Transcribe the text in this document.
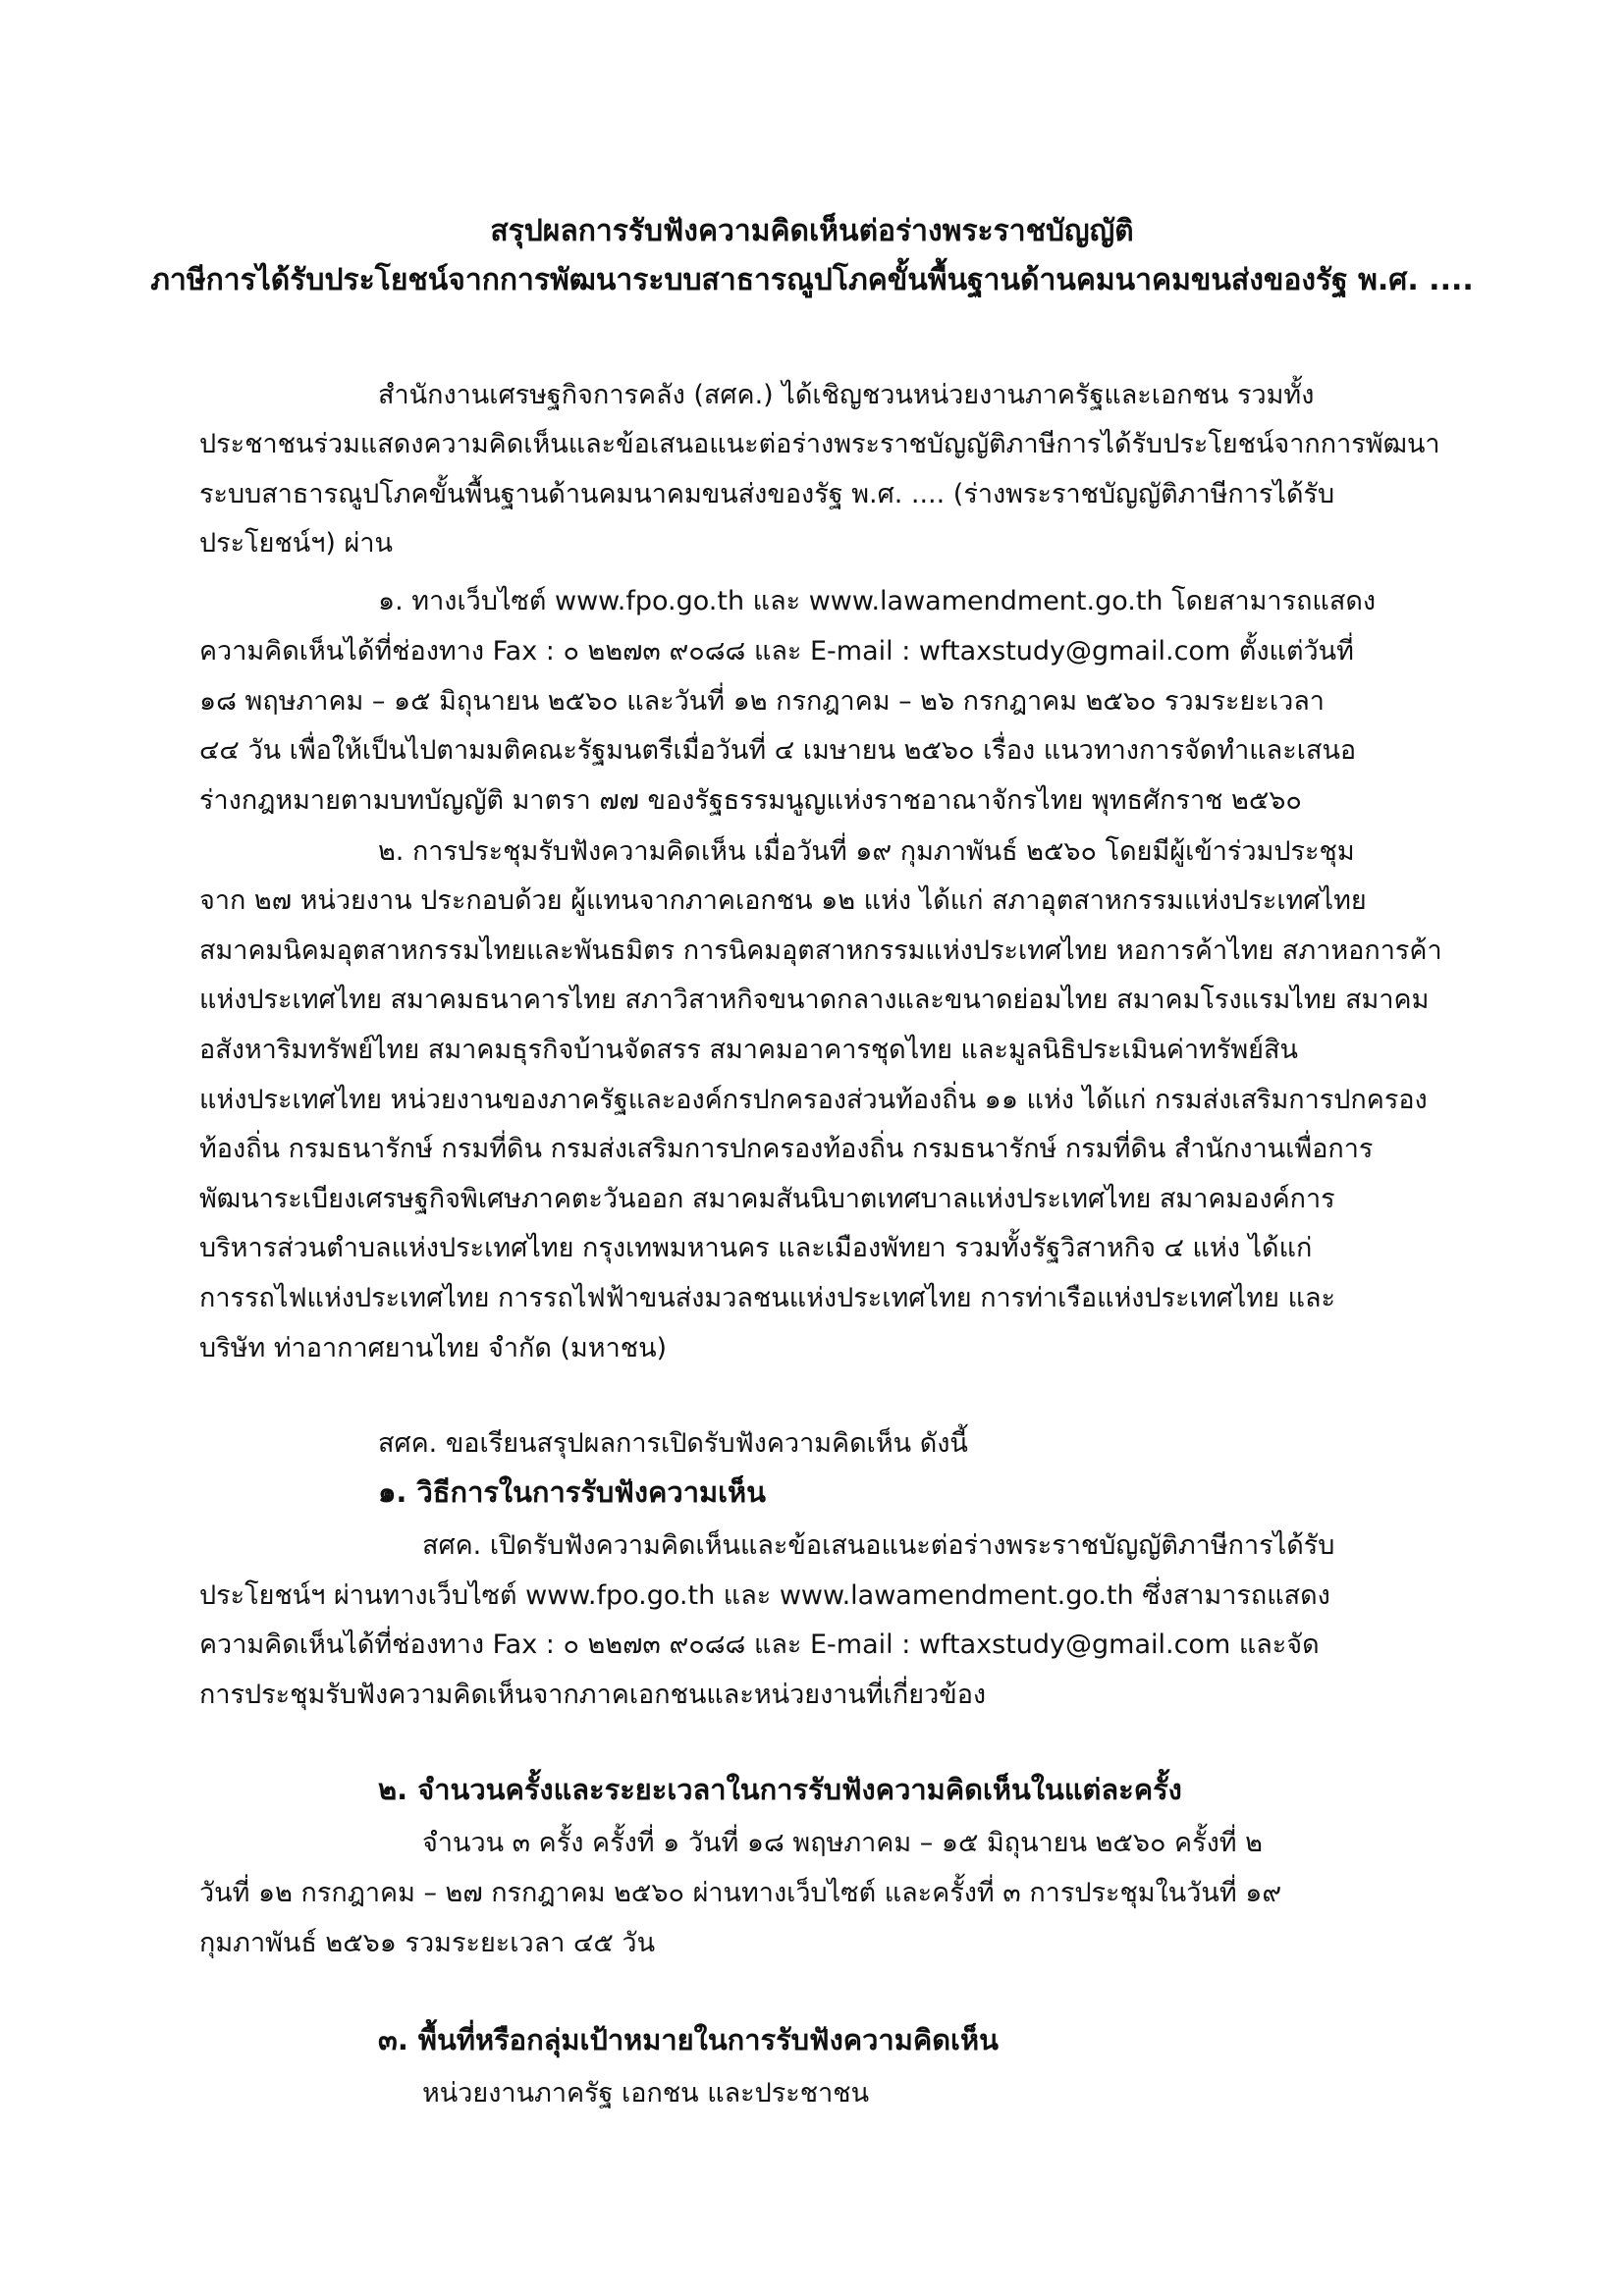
สรุปผลการรับฟังความคิดเห็นต่อร่างพระราชบัญญัติ
ภาษีการได้รับประโยชน์จากการพัฒนาระบบสาธารณูปโภคขั้นพื้นฐานด้านคมนาคมขนส่งของรัฐ พ.ศ. ....
สำนักงานเศรษฐกิจการคลัง (สศค.) ได้เชิญชวนหน่วยงานภาครัฐและเอกชน รวมทั้ง
ประชาชนร่วมแสดงความคิดเห็นและข้อเสนอแนะต่อร่างพระราชบัญญัติภาษีการได้รับประโยชน์จากการพัฒนา
ระบบสาธารณูปโภคขั้นพื้นฐานด้านคมนาคมขนส่งของรัฐ พ.ศ. .... (ร่างพระราชบัญญัติภาษีการได้รับ
ประโยชน์ฯ) ผ่าน
๑. ทางเว็บไซต์ www.fpo.go.th และ www.lawamendment.go.th โดยสามารถแสดง
ความคิดเห็นได้ที่ช่องทาง Fax : ๐ ๒๒๗๓ ๙๐๘๘ และ E-mail : wftaxstudy@gmail.com ตั้งแต่วันที่
๑๘ พฤษภาคม – ๑๕ มิถุนายน ๒๕๖๐ และวันที่ ๑๒ กรกฎาคม – ๒๖ กรกฎาคม ๒๕๖๐ รวมระยะเวลา
๔๔ วัน เพื่อให้เป็นไปตามมติคณะรัฐมนตรีเมื่อวันที่ ๔ เมษายน ๒๕๖๐ เรื่อง แนวทางการจัดทำและเสนอ
ร่างกฎหมายตามบทบัญญัติ มาตรา ๗๗ ของรัฐธรรมนูญแห่งราชอาณาจักรไทย พุทธศักราช ๒๕๖๐
๒. การประชุมรับฟังความคิดเห็น เมื่อวันที่ ๑๙ กุมภาพันธ์ ๒๕๖๐ โดยมีผู้เข้าร่วมประชุม
จาก ๒๗ หน่วยงาน ประกอบด้วย ผู้แทนจากภาคเอกชน ๑๒ แห่ง ได้แก่ สภาอุตสาหกรรมแห่งประเทศไทย
สมาคมนิคมอุตสาหกรรมไทยและพันธมิตร การนิคมอุตสาหกรรมแห่งประเทศไทย หอการค้าไทย สภาหอการค้า
แห่งประเทศไทย สมาคมธนาคารไทย สภาวิสาหกิจขนาดกลางและขนาดย่อมไทย สมาคมโรงแรมไทย สมาคม
อสังหาริมทรัพย์ไทย สมาคมธุรกิจบ้านจัดสรร สมาคมอาคารชุดไทย และมูลนิธิประเมินค่าทรัพย์สิน
แห่งประเทศไทย หน่วยงานของภาครัฐและองค์กรปกครองส่วนท้องถิ่น ๑๑ แห่ง ได้แก่ กรมส่งเสริมการปกครอง
ท้องถิ่น กรมธนารักษ์ กรมที่ดิน กรมส่งเสริมการปกครองท้องถิ่น กรมธนารักษ์ กรมที่ดิน สำนักงานเพื่อการ
พัฒนาระเบียงเศรษฐกิจพิเศษภาคตะวันออก สมาคมสันนิบาตเทศบาลแห่งประเทศไทย สมาคมองค์การ
บริหารส่วนตำบลแห่งประเทศไทย กรุงเทพมหานคร และเมืองพัทยา รวมทั้งรัฐวิสาหกิจ ๔ แห่ง ได้แก่
การรถไฟแห่งประเทศไทย การรถไฟฟ้าขนส่งมวลชนแห่งประเทศไทย การท่าเรือแห่งประเทศไทย และ
บริษัท ท่าอากาศยานไทย จำกัด (มหาชน)
สศค. ขอเรียนสรุปผลการเปิดรับฟังความคิดเห็น ดังนี้
๑. วิธีการในการรับฟังความเห็น
สศค. เปิดรับฟังความคิดเห็นและข้อเสนอแนะต่อร่างพระราชบัญญัติภาษีการได้รับ
ประโยชน์ฯ ผ่านทางเว็บไซต์ www.fpo.go.th และ www.lawamendment.go.th ซึ่งสามารถแสดง
ความคิดเห็นได้ที่ช่องทาง Fax : ๐ ๒๒๗๓ ๙๐๘๘ และ E-mail : wftaxstudy@gmail.com และจัด
การประชุมรับฟังความคิดเห็นจากภาคเอกชนและหน่วยงานที่เกี่ยวข้อง
๒. จำนวนครั้งและระยะเวลาในการรับฟังความคิดเห็นในแต่ละครั้ง
จำนวน ๓ ครั้ง ครั้งที่ ๑ วันที่ ๑๘ พฤษภาคม – ๑๕ มิถุนายน ๒๕๖๐ ครั้งที่ ๒
วันที่ ๑๒ กรกฎาคม – ๒๗ กรกฎาคม ๒๕๖๐ ผ่านทางเว็บไซต์ และครั้งที่ ๓ การประชุมในวันที่ ๑๙
กุมภาพันธ์ ๒๕๖๑ รวมระยะเวลา ๔๕ วัน
๓. พื้นที่หรือกลุ่มเป้าหมายในการรับฟังความคิดเห็น
หน่วยงานภาครัฐ เอกชน และประชาชน
